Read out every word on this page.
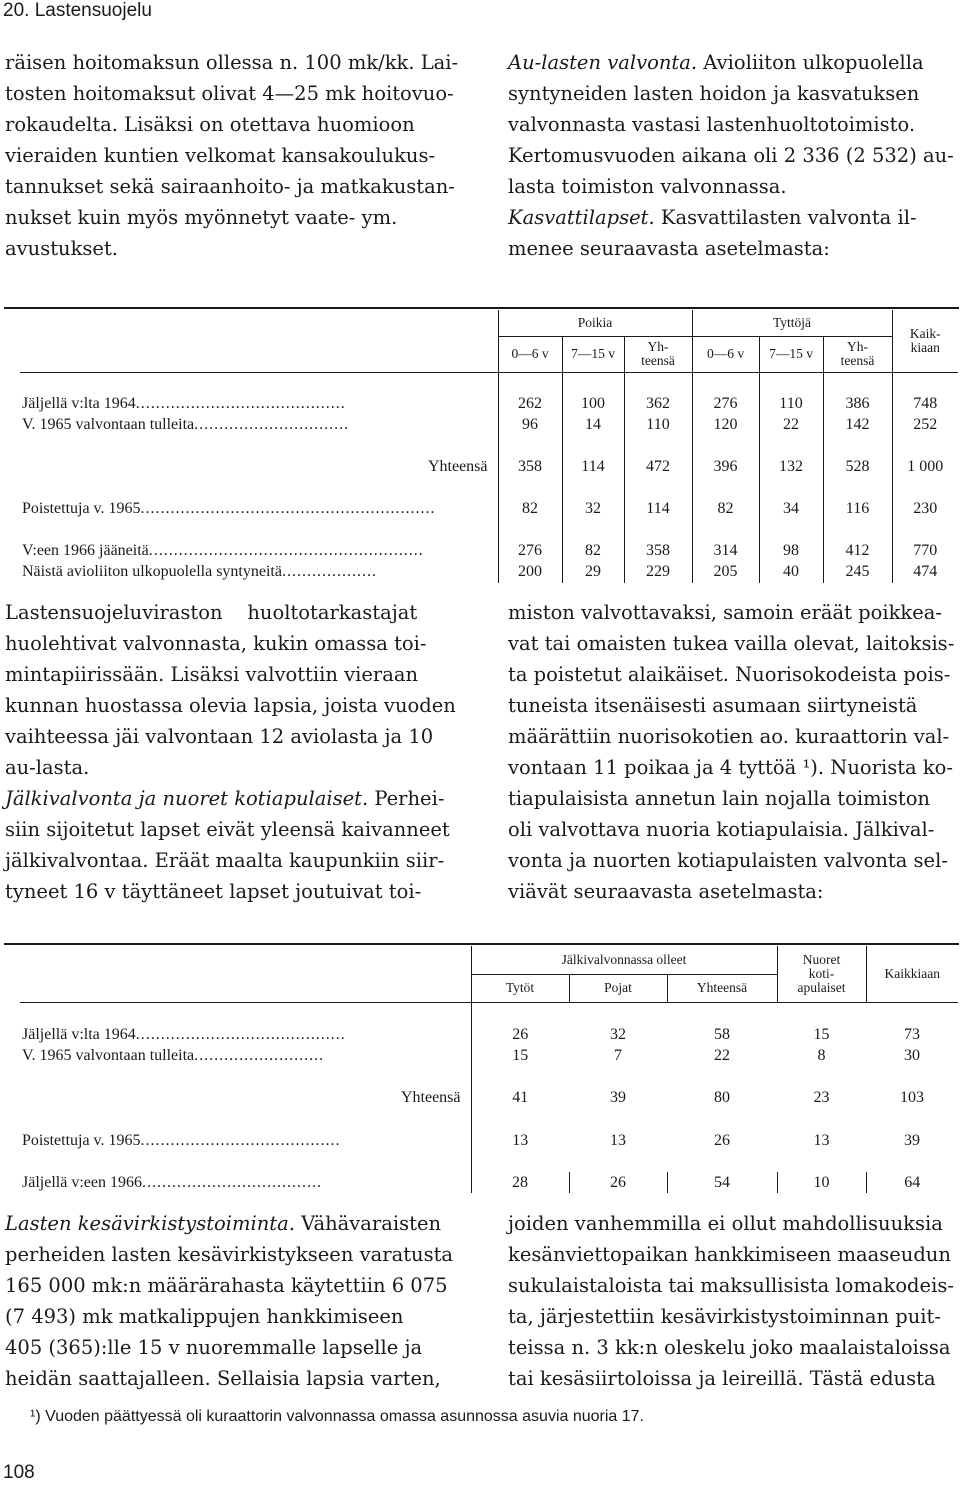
20. Lastensuojelu
räisen hoitomaksun ollessa n. 100 mk/kk. Lai-
tosten hoitomaksut olivat 4—25 mk hoitovuo-
rokaudelta. Lisäksi on otettava huomioon
vieraiden kuntien velkomat kansakoulukus-
tannukset sekä sairaanhoito- ja matkakustan-
nukset kuin myös myönnetyt vaate- ym.
avustukset.
Au-lasten valvonta. Avioliiton ulkopuolella
syntyneiden lasten hoidon ja kasvatuksen
valvonnasta vastasi lastenhuoltotoimisto.
Kertomusvuoden aikana oli 2 336 (2 532) au-
lasta toimiston valvonnassa.
Kasvattilapset. Kasvattilasten valvonta il-
menee seuraavasta asetelmasta:
	Poikia			Tyttöjä			Kaik-
kiaan
	0—6 v	7—15 v	Yh-
teensä	0—6 v	7—15 v	Yh-
teensä	

Jäljellä v:lta 1964..........................................	262	100	362	276	110	386	748
V. 1965 valvontaan tulleita...............................	96	14	110	120	22	142	252

Yhteensä	358	114	472	396	132	528	1 000

Poistettuja v. 1965...........................................................	82	32	114	82	34	116	230

V:een 1966 jääneitä.......................................................	276	82	358	314	98	412	770
Näistä avioliiton ulkopuolella syntyneitä...................	200	29	229	205	40	245	474
Lastensuojeluviraston    huoltotarkastajat
huolehtivat valvonnasta, kukin omassa toi-
mintapiirissään. Lisäksi valvottiin vieraan
kunnan huostassa olevia lapsia, joista vuoden
vaihteessa jäi valvontaan 12 aviolasta ja 10
au-lasta.
Jälkivalvonta ja nuoret kotiapulaiset. Perhei-
siin sijoitetut lapset eivät yleensä kaivanneet
jälkivalvontaa. Eräät maalta kaupunkiin siir-
tyneet 16 v täyttäneet lapset joutuivat toi-
miston valvottavaksi, samoin eräät poikkea-
vat tai omaisten tukea vailla olevat, laitoksis-
ta poistetut alaikäiset. Nuorisokodeista pois-
tuneista itsenäisesti asumaan siirtyneistä
määrättiin nuorisokotien ao. kuraattorin val-
vontaan 11 poikaa ja 4 tyttöä ¹). Nuorista ko-
tiapulaisista annetun lain nojalla toimiston
oli valvottava nuoria kotiapulaisia. Jälkival-
vonta ja nuorten kotiapulaisten valvonta sel-
viävät seuraavasta asetelmasta:
	Jälkivalvonnassa olleet			Nuoret
koti-
apulaiset	Kaikkiaan
	Tytöt	Pojat	Yhteensä		

Jäljellä v:lta 1964..........................................	26	32	58	15	73
V. 1965 valvontaan tulleita..........................	15	7	22	8	30

Yhteensä	41	39	80	23	103

Poistettuja v. 1965........................................	13	13	26	13	39

Jäljellä v:een 1966....................................	28	26	54	10	64
Lasten kesävirkistystoiminta. Vähävaraisten
perheiden lasten kesävirkistykseen varatusta
165 000 mk:n määrärahasta käytettiin 6 075
(7 493) mk matkalippujen hankkimiseen
405 (365):lle 15 v nuoremmalle lapselle ja
heidän saattajalleen. Sellaisia lapsia varten,
joiden vanhemmilla ei ollut mahdollisuuksia
kesänviettopaikan hankkimiseen maaseudun
sukulaistaloista tai maksullisista lomakodeis-
ta, järjestettiin kesävirkistystoiminnan puit-
teissa n. 3 kk:n oleskelu joko maalaistaloissa
tai kesäsiirtoloissa ja leireillä. Tästä edusta
¹) Vuoden päättyessä oli kuraattorin valvonnassa omassa asunnossa asuvia nuoria 17.
108
